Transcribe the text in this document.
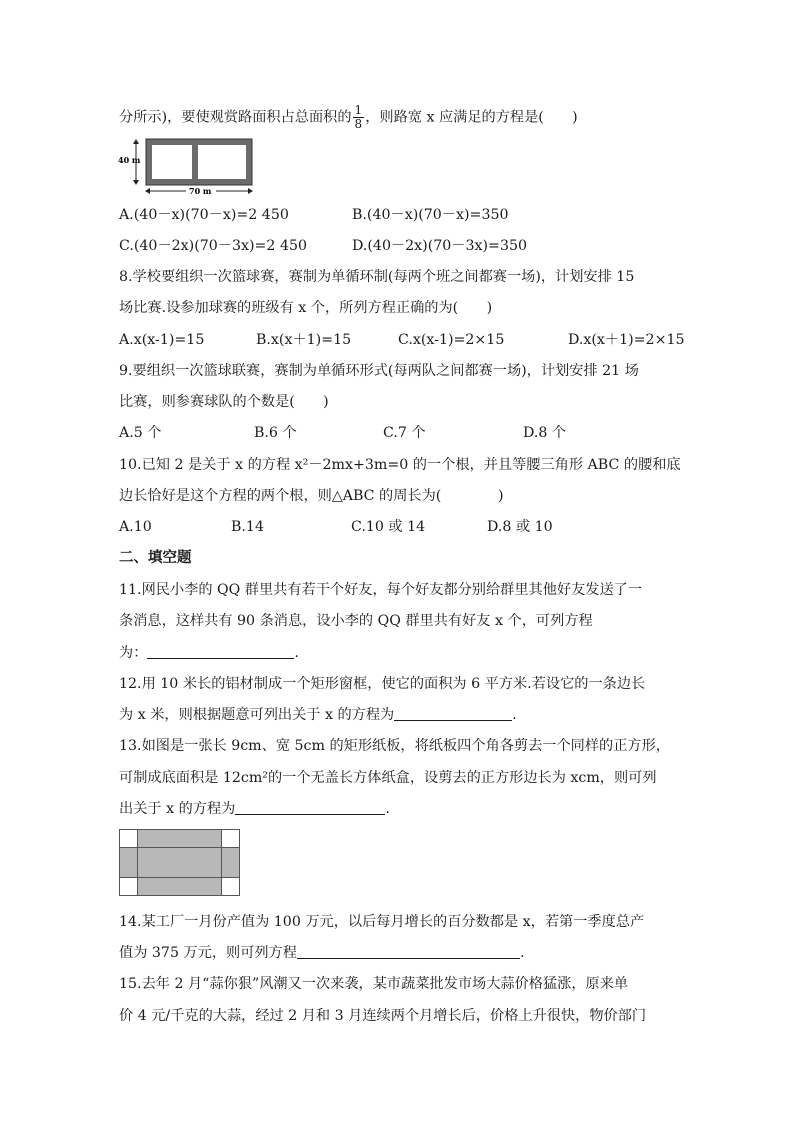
分所示)，要使观赏路面积占总面积的 $\frac{1}{8}$ ，则路宽 x 应满足的方程是(　　)
40 m
70 m
A.(40－x)(70－x)=2 450	B.(40－x)(70－x)=350
C.(40－2x)(70－3x)=2 450	D.(40－2x)(70－3x)=350
8.学校要组织一次篮球赛，赛制为单循环制(每两个班之间都赛一场)，计划安排 15
场比赛.设参加球赛的班级有 x 个，所列方程正确的为(　　)
A.x(x-1)=15	B.x(x＋1)=15	C.x(x-1)=2×15	D.x(x＋1)=2×15
9.要组织一次篮球联赛，赛制为单循环形式(每两队之间都赛一场)，计划安排 21 场
比赛，则参赛球队的个数是(　　)
A.5 个	B.6 个	C.7 个	D.8 个
10.已知 2 是关于 x 的方程 x²－2mx+3m=0 的一个根，并且等腰三角形 ABC 的腰和底
边长恰好是这个方程的两个根，则△ABC 的周长为(　　　　)
A.10	B.14	C.10 或 14	D.8 或 10
二、填空题
11.网民小李的 QQ 群里共有若干个好友，每个好友都分别给群里其他好友发送了一
条消息，这样共有 90 条消息，设小李的 QQ 群里共有好友 x 个，可列方程
为：	.
12.用 10 米长的铝材制成一个矩形窗框，使它的面积为 6 平方米.若设它的一条边长
为 x 米，则根据题意可列出关于 x 的方程为	.
13.如图是一张长 9cm、宽 5cm 的矩形纸板，将纸板四个角各剪去一个同样的正方形，
可制成底面积是 12cm²的一个无盖长方体纸盒，设剪去的正方形边长为 xcm，则可列
出关于 x 的方程为	.
14.某工厂一月份产值为 100 万元，以后每月增长的百分数都是 x，若第一季度总产
值为 375 万元，则可列方程	.
15.去年 2 月“蒜你狠”风潮又一次来袭，某市蔬菜批发市场大蒜价格猛涨，原来单
价 4 元/千克的大蒜，经过 2 月和 3 月连续两个月增长后，价格上升很快，物价部门
